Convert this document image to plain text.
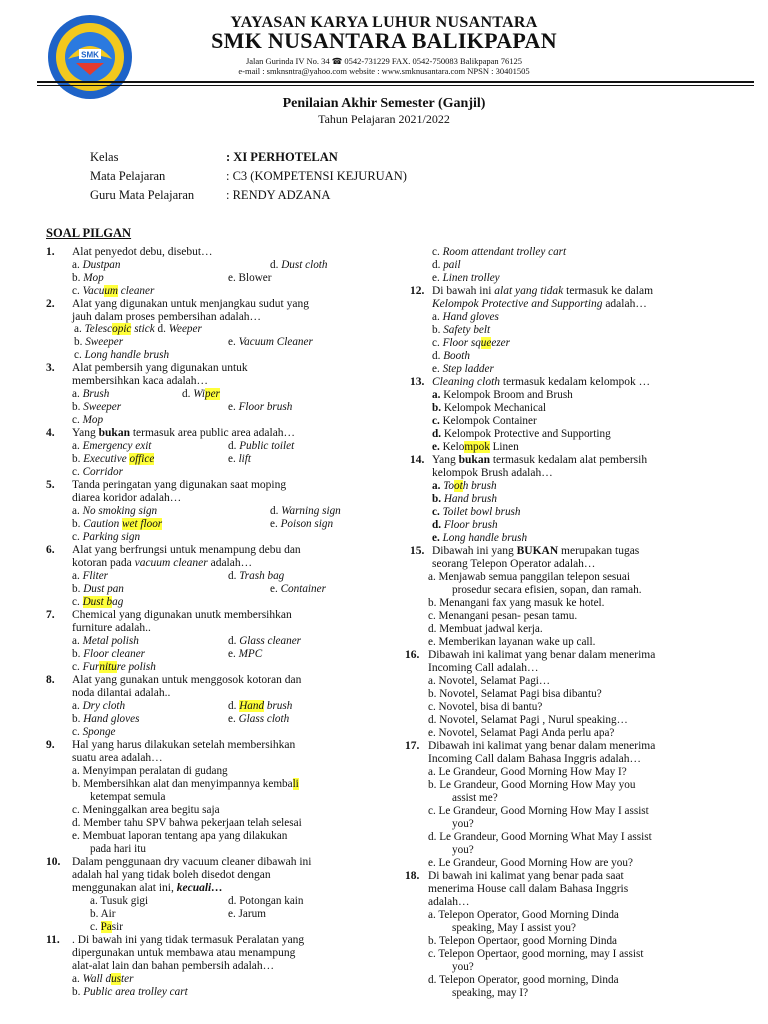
SMK
YAYASAN KARYA LUHUR NUSANTARA
SMK NUSANTARA BALIKPAPAN
Jalan Gurinda IV No. 34 ☎ 0542-731229 FAX. 0542-750083 Balikpapan 76125
e-mail : smknsntra@yahoo.com website : www.smknusantara.com NPSN : 30401505
Penilaian Akhir Semester (Ganjil)
Tahun Pelajaran 2021/2022
Kelas	: XI PERHOTELAN
Mata Pelajaran	: C3 (KOMPETENSI KEJURUAN)
Guru Mata Pelajaran	: RENDY ADZANA
SOAL PILGAN
1. Alat penyedot debu, disebut…
a. Dustpan	d. Dust cloth
b. Mop	e. Blower
c. Vacuum cleaner
2. Alat yang digunakan untuk menjangkau sudut yang
jauh dalam proses pembersihan adalah…
a. Telescopic stick d. Weeper
b. Sweeper	e. Vacuum Cleaner
c. Long handle brush
3. Alat pembersih yang digunakan untuk
membersihkan kaca adalah…
a. Brush	d. Wiper
b. Sweeper	e. Floor brush
c. Mop
4. Yang bukan termasuk area public area adalah…
a. Emergency exit	d. Public toilet
b. Executive office	e. lift
c. Corridor
5. Tanda peringatan yang digunakan saat moping
diarea koridor adalah…
a. No smoking sign	d. Warning sign
b. Caution wet floor	e. Poison sign
c. Parking sign
6. Alat yang berfrungsi untuk menampung debu dan
kotoran pada vacuum cleaner adalah…
a. Fliter	d. Trash bag
b. Dust pan	e. Container
c. Dust bag
7. Chemical yang digunakan unutk membersihkan
furniture adalah..
a. Metal polish	d. Glass cleaner
b. Floor cleaner	e. MPC
c. Furniture polish
8. Alat yang gunakan untuk menggosok kotoran dan
noda dilantai adalah..
a. Dry cloth	d. Hand brush
b. Hand gloves	e. Glass cloth
c. Sponge
9. Hal yang harus dilakukan setelah membersihkan
suatu area adalah…
a. Menyimpan peralatan di gudang
b. Membersihkan alat dan menyimpannya kembali
ketempat semula
c. Meninggalkan area begitu saja
d. Member tahu SPV bahwa pekerjaan telah selesai
e. Membuat laporan tentang apa yang dilakukan
pada hari itu
10. Dalam penggunaan dry vacuum cleaner dibawah ini
adalah hal yang tidak boleh disedot dengan
menggunakan alat ini, kecuali…
a. Tusuk gigi	d. Potongan kain
b. Air	e. Jarum
c. Pasir
11. . Di bawah ini yang tidak termasuk Peralatan yang
dipergunakan untuk membawa atau menampung
alat-alat lain dan bahan pembersih adalah…
a. Wall duster
b. Public area trolley cart
c. Room attendant trolley cart
d. pail
e. Linen trolley
12. Di bawah ini alat yang tidak termasuk ke dalam
Kelompok Protective and Supporting adalah…
a. Hand gloves
b. Safety belt
c. Floor squeezer
d. Booth
e. Step ladder
13. Cleaning cloth termasuk kedalam kelompok …
a. Kelompok Broom and Brush
b. Kelompok Mechanical
c. Kelompok Container
d. Kelompok Protective and Supporting
e. Kelompok Linen
14. Yang bukan termasuk kedalam alat pembersih
kelompok Brush adalah…
a. Tooth brush
b. Hand brush
c. Toilet bowl brush
d. Floor brush
e. Long handle brush
15. Dibawah ini yang BUKAN merupakan tugas
seorang Telepon Operator adalah…
a. Menjawab semua panggilan telepon sesuai
prosedur secara efisien, sopan, dan ramah.
b. Menangani fax yang masuk ke hotel.
c. Menangani pesan- pesan tamu.
d. Membuat jadwal kerja.
e. Memberikan layanan wake up call.
16. Dibawah ini kalimat yang benar dalam menerima
Incoming Call adalah…
a. Novotel, Selamat Pagi…
b. Novotel, Selamat Pagi bisa dibantu?
c. Novotel, bisa di bantu?
d. Novotel, Selamat Pagi , Nurul speaking…
e. Novotel, Selamat Pagi Anda perlu apa?
17. Dibawah ini kalimat yang benar dalam menerima
Incoming Call dalam Bahasa Inggris adalah…
a. Le Grandeur, Good Morning How May I?
b. Le Grandeur, Good Morning How May you
assist me?
c. Le Grandeur, Good Morning How May I assist
you?
d. Le Grandeur, Good Morning What May I assist
you?
e. Le Grandeur, Good Morning How are you?
18. Di bawah ini kalimat yang benar pada saat
menerima House call dalam Bahasa Inggris
adalah…
a. Telepon Operator, Good Morning Dinda
speaking, May I assist you?
b. Telepon Opertaor, good Morning Dinda
c. Telepon Opertaor, good morning, may I assist
you?
d. Telepon Operator, good morning, Dinda
speaking, may I?
